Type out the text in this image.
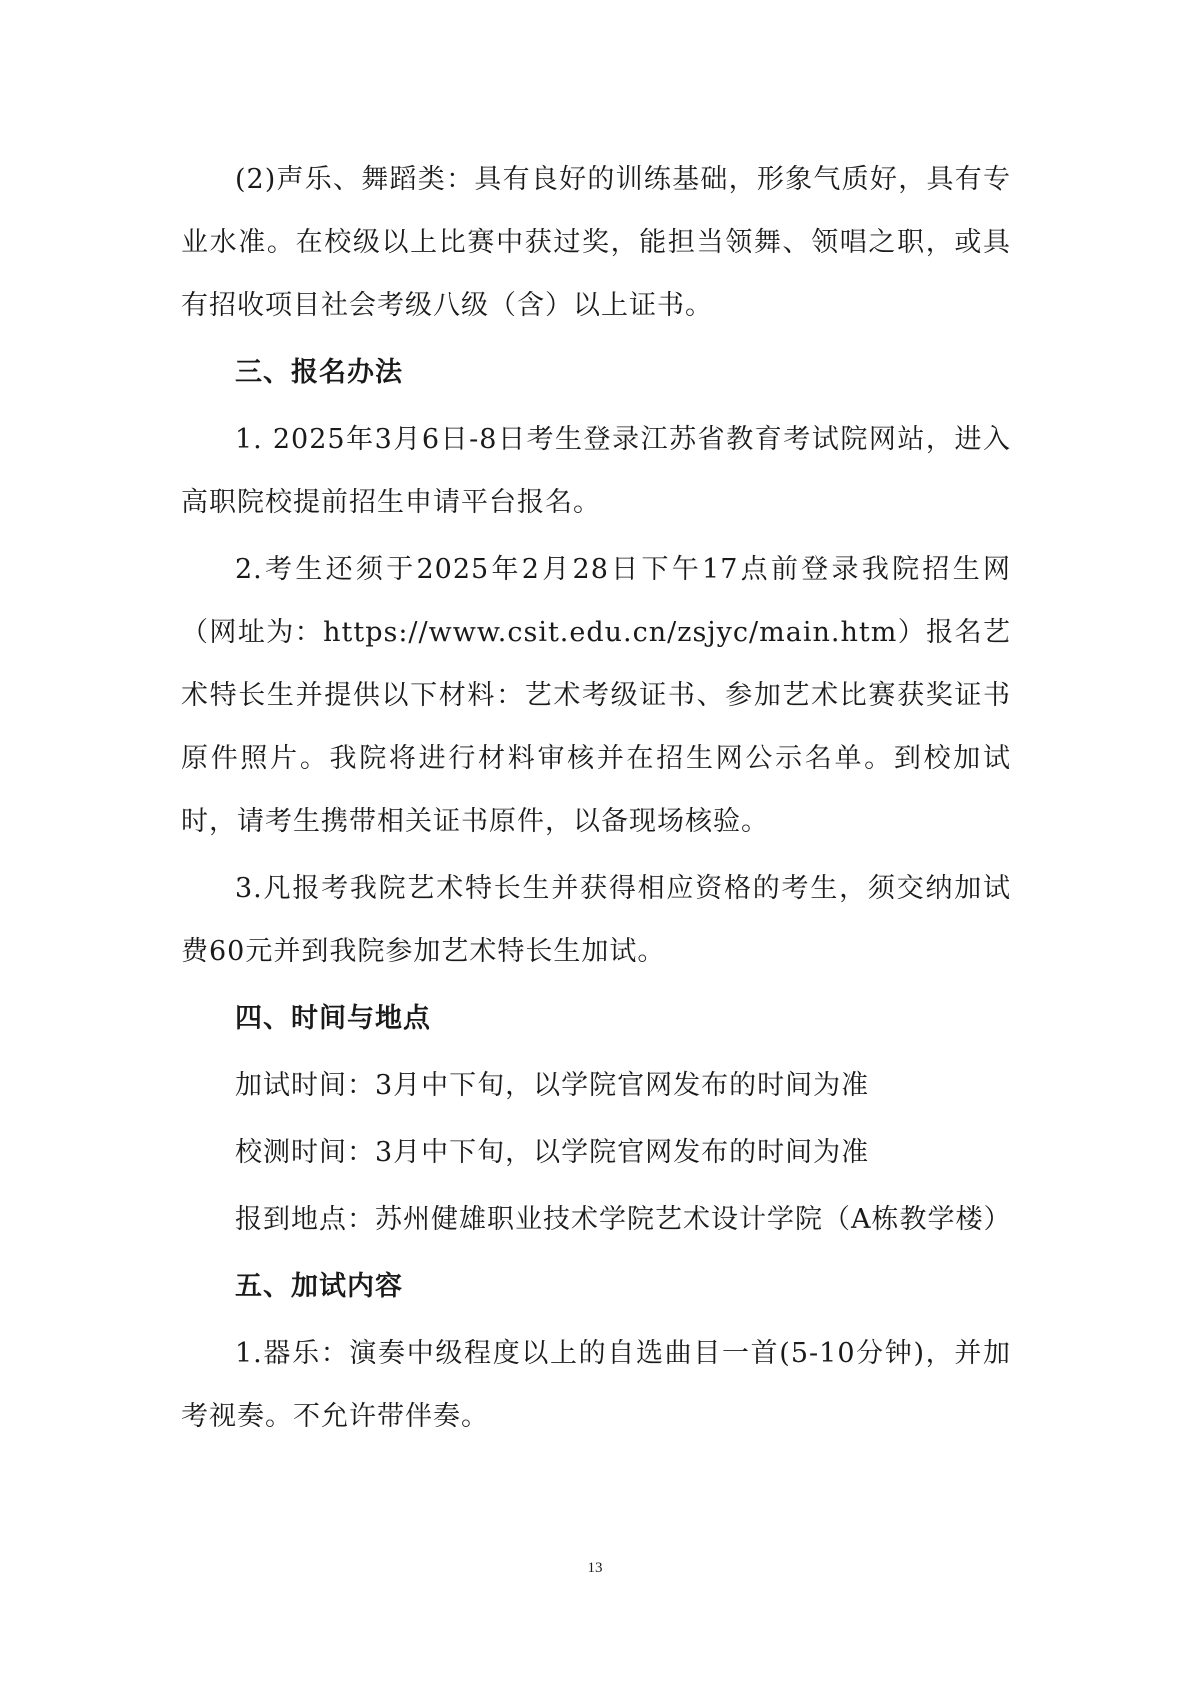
(2)声乐、舞蹈类：具有良好的训练基础，形象气质好，具有专业水准。在校级以上比赛中获过奖，能担当领舞、领唱之职，或具有招收项目社会考级八级（含）以上证书。

三、报名办法

1. 2025年3月6日-8日考生登录江苏省教育考试院网站，进入高职院校提前招生申请平台报名。

2.考生还须于2025年2月28日下午17点前登录我院招生网（网址为：https://www.csit.edu.cn/zsjyc/main.htm）报名艺术特长生并提供以下材料：艺术考级证书、参加艺术比赛获奖证书原件照片。我院将进行材料审核并在招生网公示名单。到校加试时，请考生携带相关证书原件，以备现场核验。

3.凡报考我院艺术特长生并获得相应资格的考生，须交纳加试费60元并到我院参加艺术特长生加试。

四、时间与地点

加试时间：3月中下旬，以学院官网发布的时间为准

校测时间：3月中下旬，以学院官网发布的时间为准

报到地点：苏州健雄职业技术学院艺术设计学院（A栋教学楼）

五、加试内容

1.器乐：演奏中级程度以上的自选曲目一首(5-10分钟)，并加考视奏。不允许带伴奏。

13
